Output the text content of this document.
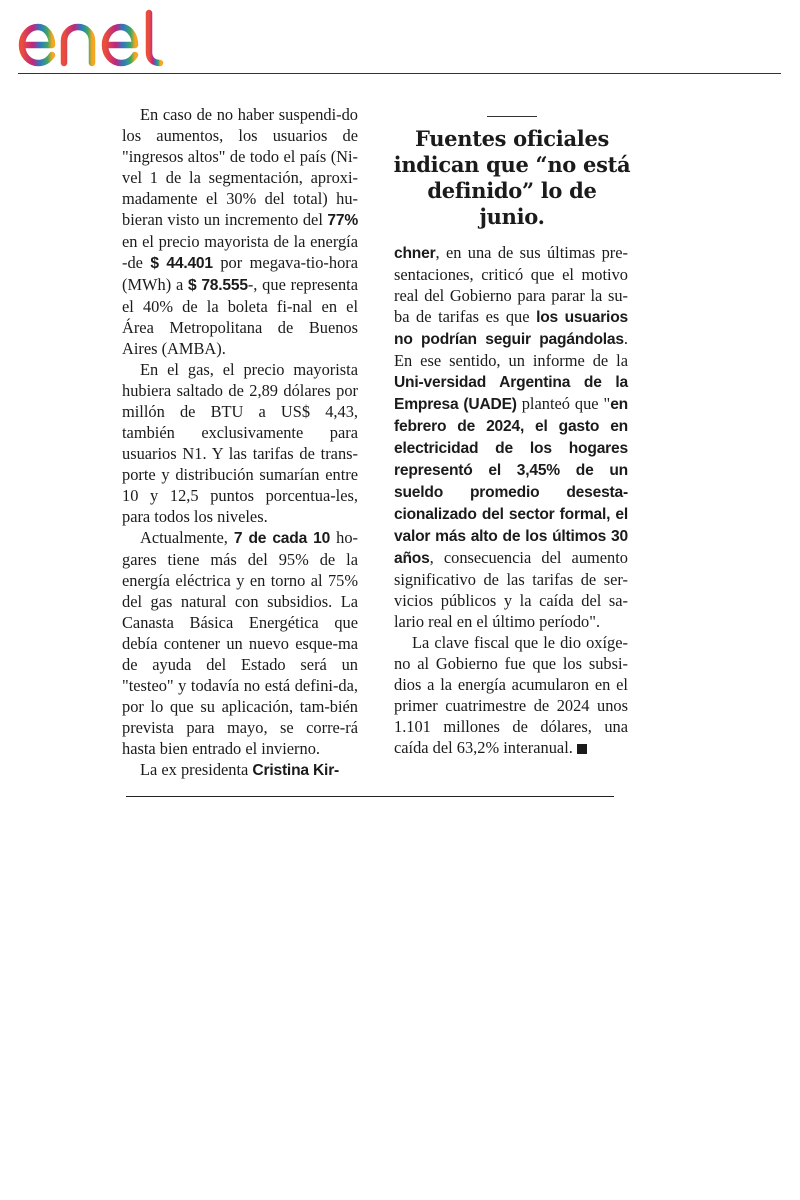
En caso de no haber suspendi-do los aumentos, los usuarios de "ingresos altos" de todo el país (Ni-vel 1 de la segmentación, aproxi-madamente el 30% del total) hu-bieran visto un incremento del 77% en el precio mayorista de la energía -de $ 44.401 por megava-tio-hora (MWh) a $ 78.555-, que representa el 40% de la boleta fi-nal en el Área Metropolitana de Buenos Aires (AMBA).

En el gas, el precio mayorista hubiera saltado de 2,89 dólares por millón de BTU a US$ 4,43, también exclusivamente para usuarios N1. Y las tarifas de trans-porte y distribución sumarían entre 10 y 12,5 puntos porcentua-les, para todos los niveles.

Actualmente, 7 de cada 10 ho-gares tiene más del 95% de la energía eléctrica y en torno al 75% del gas natural con subsidios. La Canasta Básica Energética que debía contener un nuevo esque-ma de ayuda del Estado será un "testeo" y todavía no está defini-da, por lo que su aplicación, tam-bién prevista para mayo, se corre-rá hasta bien entrado el invierno.

La ex presidenta Cristina Kir-

Fuentes oficiales indican que “no está definido” lo de junio.

chner, en una de sus últimas pre-sentaciones, criticó que el motivo real del Gobierno para parar la su-ba de tarifas es que los usuarios no podrían seguir pagándolas. En ese sentido, un informe de la Uni-versidad Argentina de la Empresa (UADE) planteó que "en febrero de 2024, el gasto en electricidad de los hogares representó el 3,45% de un sueldo promedio desesta-cionalizado del sector formal, el valor más alto de los últimos 30 años, consecuencia del aumento significativo de las tarifas de ser-vicios públicos y la caída del sa-lario real en el último período".

La clave fiscal que le dio oxíge-no al Gobierno fue que los subsi-dios a la energía acumularon en el primer cuatrimestre de 2024 unos 1.101 millones de dólares, una caída del 63,2% interanual.
